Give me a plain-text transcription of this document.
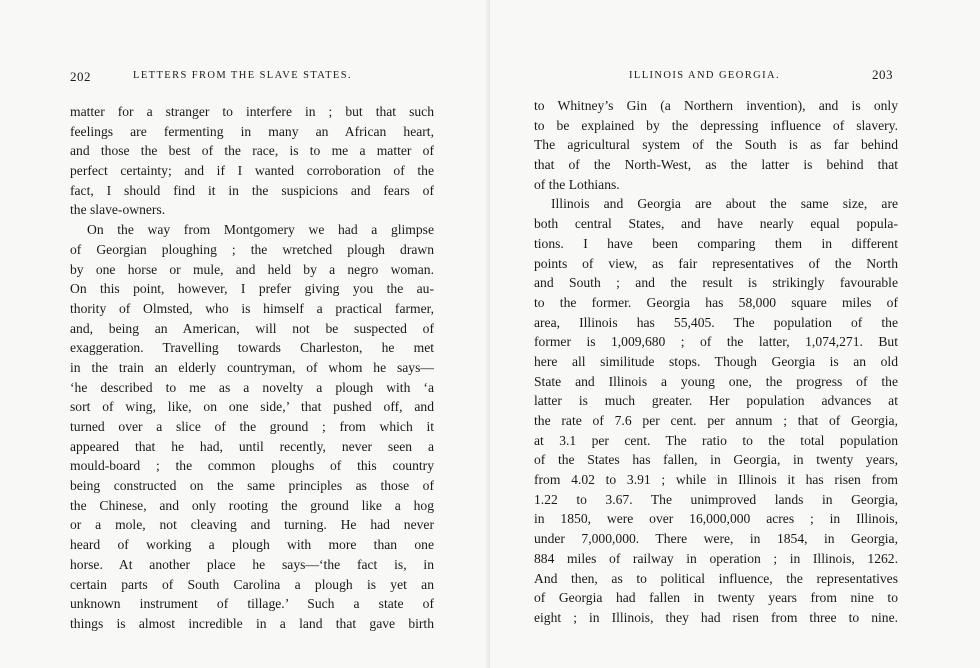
202	LETTERS FROM THE SLAVE STATES.
matter for a stranger to interfere in ; but that such
feelings are fermenting in many an African heart,
and those the best of the race, is to me a matter of
perfect certainty; and if I wanted corroboration of the
fact, I should find it in the suspicions and fears of
the slave-owners.
On the way from Montgomery we had a glimpse
of Georgian ploughing ; the wretched plough drawn
by one horse or mule, and held by a negro woman.
On this point, however, I prefer giving you the au-
thority of Olmsted, who is himself a practical farmer,
and, being an American, will not be suspected of
exaggeration. Travelling towards Charleston, he met
in the train an elderly countryman, of whom he says—
‘he described to me as a novelty a plough with ‘a
sort of wing, like, on one side,’ that pushed off, and
turned over a slice of the ground ; from which it
appeared that he had, until recently, never seen a
mould-board ; the common ploughs of this country
being constructed on the same principles as those of
the Chinese, and only rooting the ground like a hog
or a mole, not cleaving and turning. He had never
heard of working a plough with more than one
horse. At another place he says—‘the fact is, in
certain parts of South Carolina a plough is yet an
unknown instrument of tillage.’ Such a state of
things is almost incredible in a land that gave birth
ILLINOIS AND GEORGIA.	203
to Whitney’s Gin (a Northern invention), and is only
to be explained by the depressing influence of slavery.
The agricultural system of the South is as far behind
that of the North-West, as the latter is behind that
of the Lothians.
Illinois and Georgia are about the same size, are
both central States, and have nearly equal popula-
tions. I have been comparing them in different
points of view, as fair representatives of the North
and South ; and the result is strikingly favourable
to the former. Georgia has 58,000 square miles of
area, Illinois has 55,405. The population of the
former is 1,009,680 ; of the latter, 1,074,271. But
here all similitude stops. Though Georgia is an old
State and Illinois a young one, the progress of the
latter is much greater. Her population advances at
the rate of 7.6 per cent. per annum ; that of Georgia,
at 3.1 per cent. The ratio to the total population
of the States has fallen, in Georgia, in twenty years,
from 4.02 to 3.91 ; while in Illinois it has risen from
1.22 to 3.67. The unimproved lands in Georgia,
in 1850, were over 16,000,000 acres ; in Illinois,
under 7,000,000. There were, in 1854, in Georgia,
884 miles of railway in operation ; in Illinois, 1262.
And then, as to political influence, the representatives
of Georgia had fallen in twenty years from nine to
eight ; in Illinois, they had risen from three to nine.
